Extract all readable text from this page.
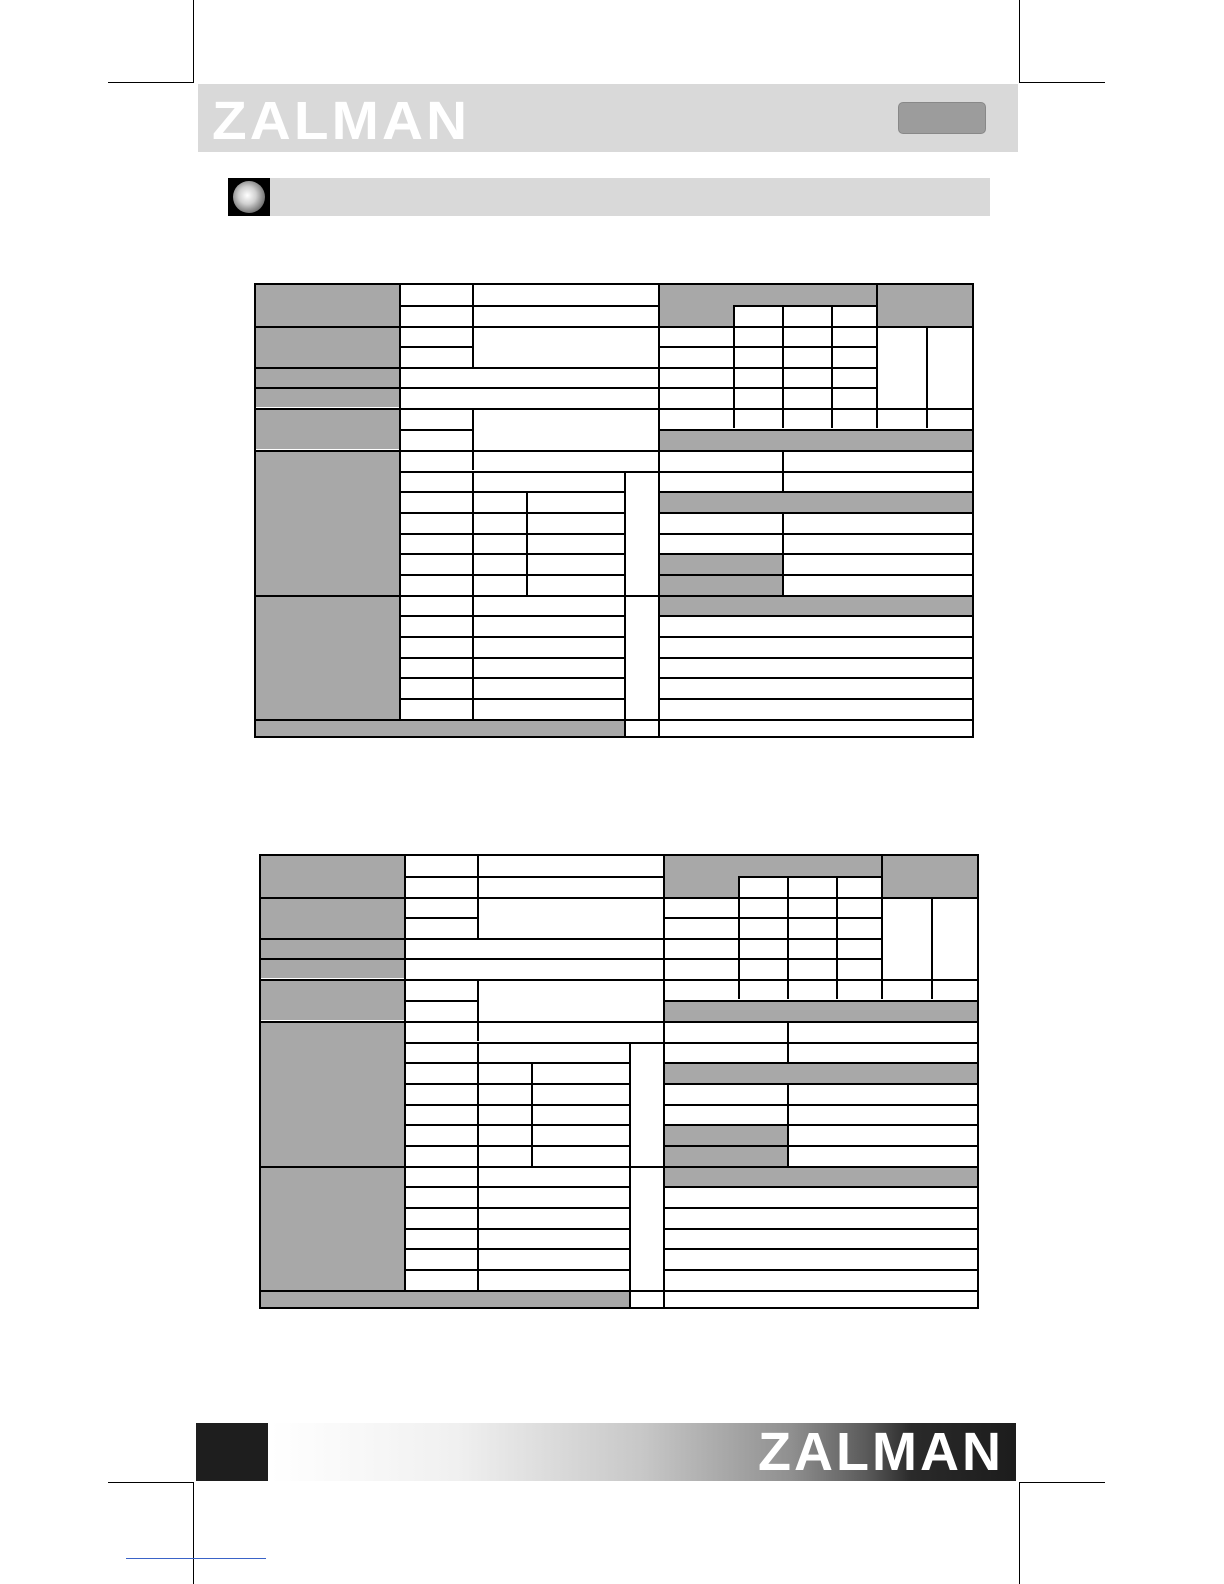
ZALMAN
ZALMAN
